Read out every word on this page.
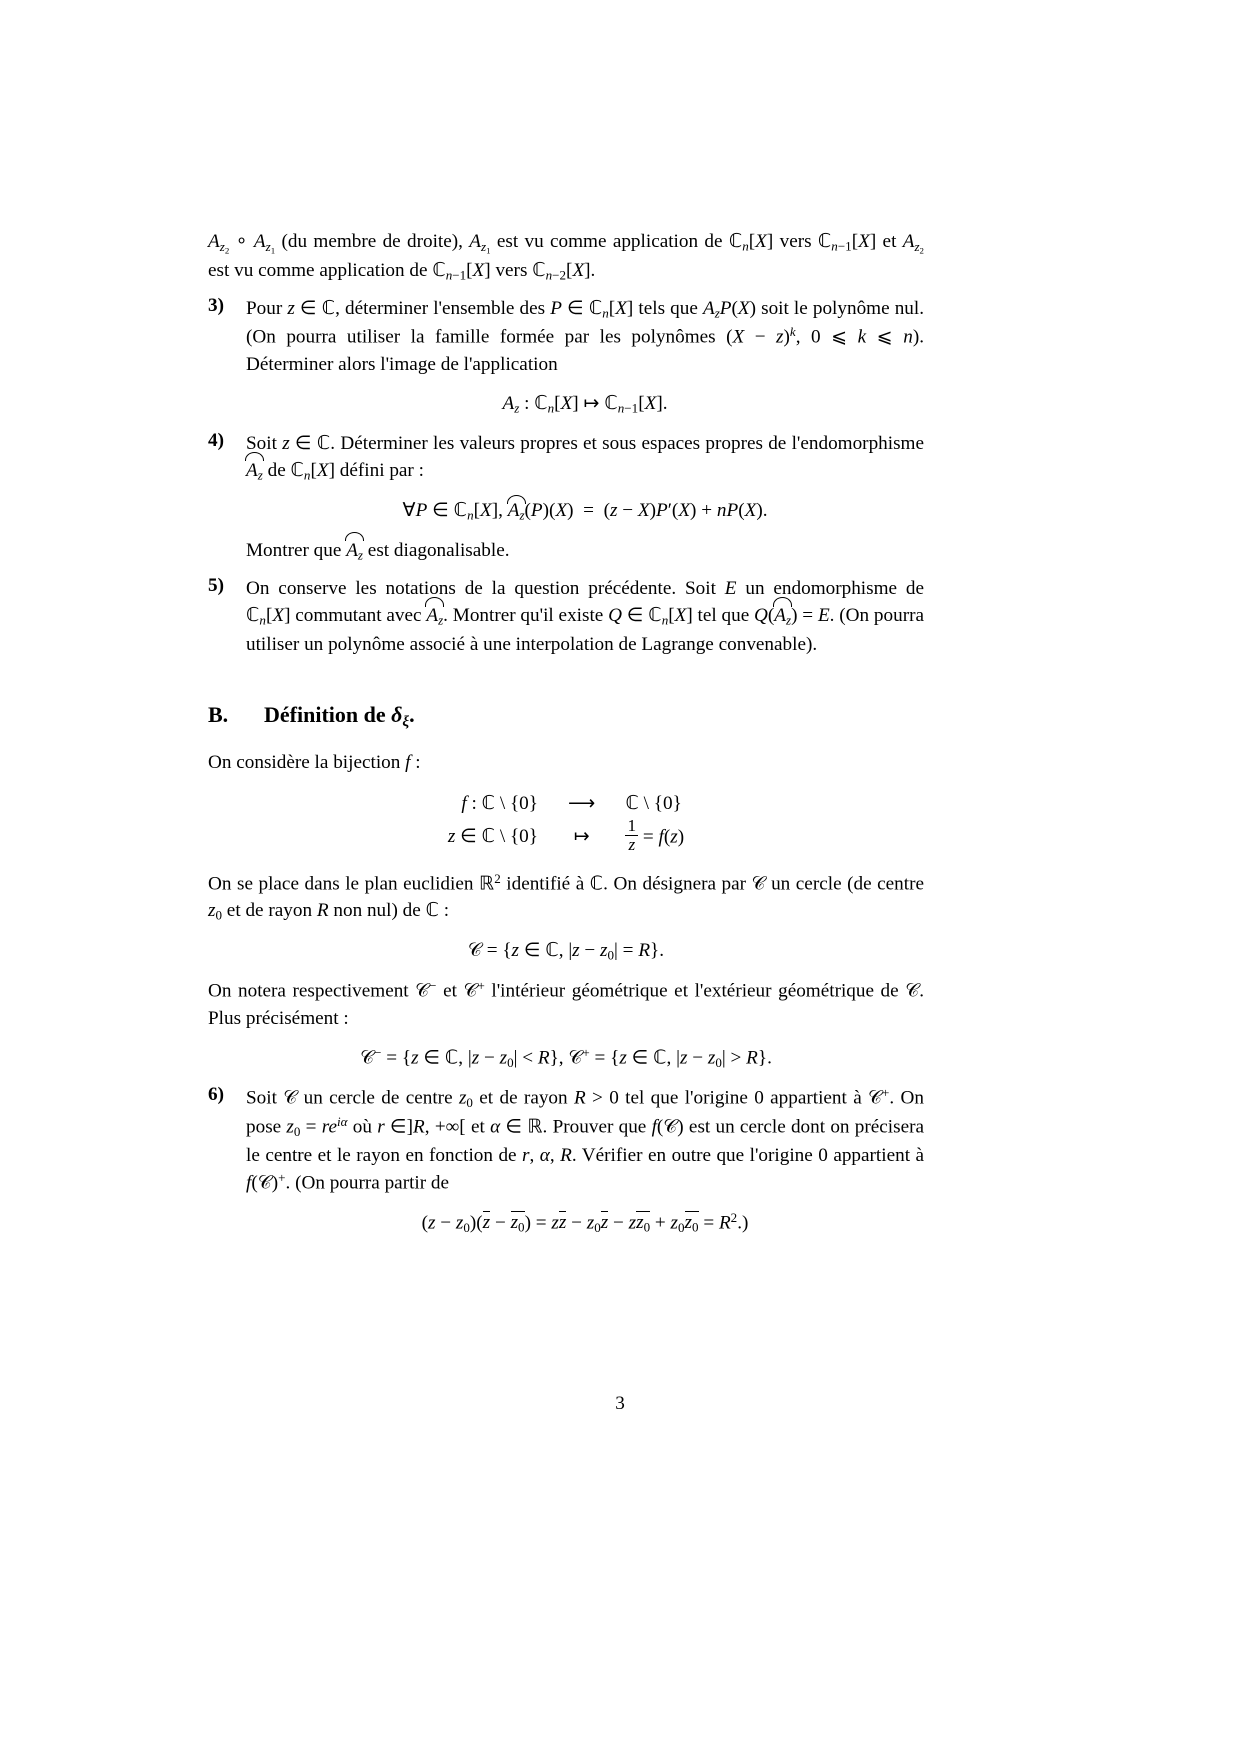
$A_{z_2}$ ∘ $A_{z_1}$ (du membre de droite), $A_{z_1}$ est vu comme application de ℂ$_n$[X] vers ℂ$_{n-1}$[X] et $A_{z_2}$ est vu comme application de ℂ$_{n-1}$[X] vers ℂ$_{n-2}$[X].

3) Pour z ∈ ℂ, déterminer l'ensemble des P ∈ ℂ$_n$[X] tels que $A_zP(X)$ soit le polynôme nul. (On pourra utiliser la famille formée par les polynômes $(X - z)^k$, 0 ⩽ k ⩽ n). Déterminer alors l'image de l'application

$A_z$ : ℂ$_n$[X] ↦ ℂ$_{n-1}$[X].
4) Soit z ∈ ℂ. Déterminer les valeurs propres et sous espaces propres de l'endomorphisme
$A_z$ de ℂ$_n$[X] défini par :

∀P ∈ ℂ$_n$[X],
$A_z(P)(X) = (z - X)P'(X) + nP(X)$.

Montrer que
$A_z$ est diagonalisable.

5) On conserve les notations de la question précédente. Soit E un endomorphisme de ℂ$_n$[X] commutant avec
$A_z$. Montrer qu'il existe Q ∈ ℂ$_n$[X] tel que Q(
$A_z) = E$. (On pourra utiliser un polynôme associé à une interpolation de Lagrange convenable).

B. Définition de $\delta_\xi$.

On considère la bijection f :

f : ℂ \ {0}	⟶	ℂ \ {0}
z ∈ ℂ \ {0}	↦	$\frac{1}{z} = f(z)$

On se place dans le plan euclidien ℝ$^2$ identifié à ℂ. On désignera par 𝒞 un cercle (de centre $z_0$ et de rayon R non nul) de ℂ :

𝒞 = {z ∈ ℂ, $|z - z_0| = R$}.

On notera respectivement 𝒞− et 𝒞+ l'intérieur géométrique et l'extérieur géométrique de 𝒞. Plus précisément :

𝒞− = {z ∈ ℂ, $|z - z_0| < R$}, 𝒞+ = {z ∈ ℂ, $|z - z_0| > R$}.
6) Soit 𝒞 un cercle de centre $z_0$ et de rayon R > 0 tel que l'origine 0 appartient à 𝒞+. On pose $z_0 = re^{i\alpha}$ où r ∈]R, +∞[ et α ∈ ℝ. Prouver que f(𝒞) est un cercle dont on précisera le centre et le rayon en fonction de r, α, R. Vérifier en outre que l'origine 0 appartient à f(𝒞)+. (On pourra partir de

$(z - z_0)(z - z_0)$ = zz − $z_0z - zz_0 + z_0z_0 = R^2$.)
3
